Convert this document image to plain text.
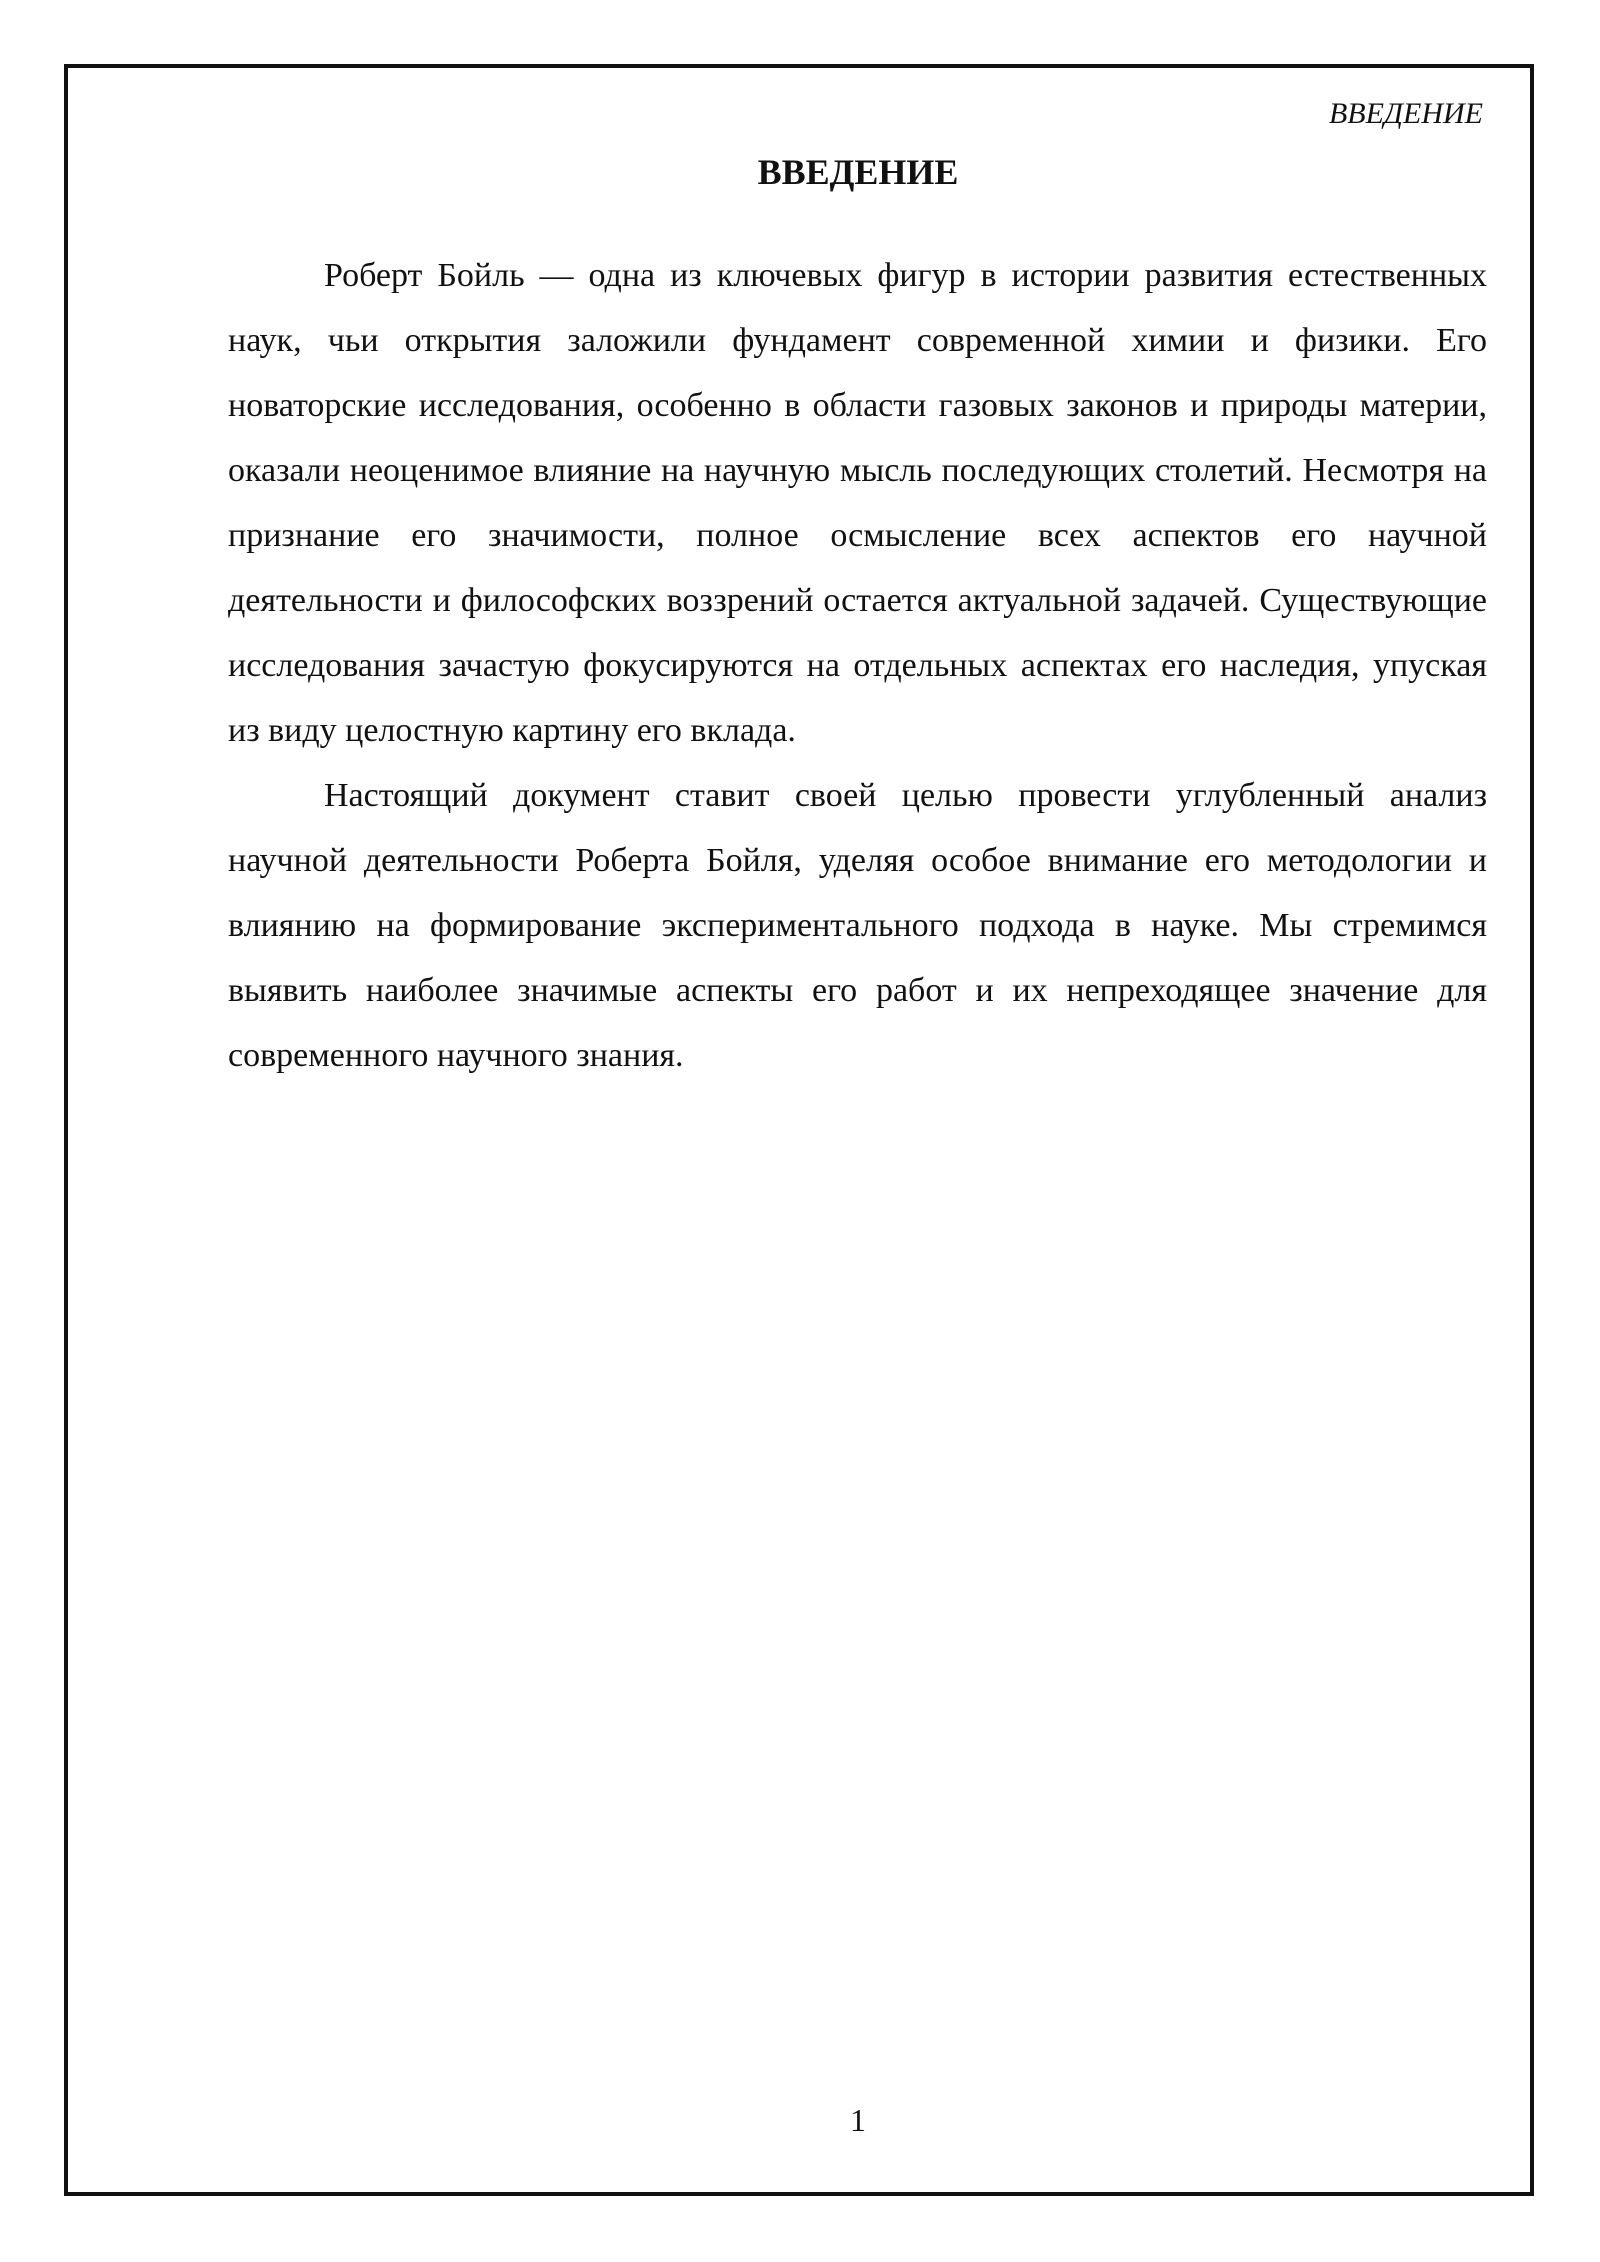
ВВЕДЕНИЕ
ВВЕДЕНИЕ

Роберт Бойль — одна из ключевых фигур в истории развития естественных наук, чьи открытия заложили фундамент современной химии и физики. Его новаторские исследования, особенно в области газовых законов и природы материи, оказали неоценимое влияние на научную мысль последующих столетий. Несмотря на признание его значимости, полное осмысление всех аспектов его научной деятельности и философских воззрений остается актуальной задачей. Существующие исследования зачастую фокусируются на отдельных аспектах его наследия, упуская из виду целостную картину его вклада.

Настоящий документ ставит своей целью провести углубленный анализ научной деятельности Роберта Бойля, уделяя особое внимание его методологии и влиянию на формирование экспериментального подхода в науке. Мы стремимся выявить наиболее значимые аспекты его работ и их непреходящее значение для современного научного знания.

1
